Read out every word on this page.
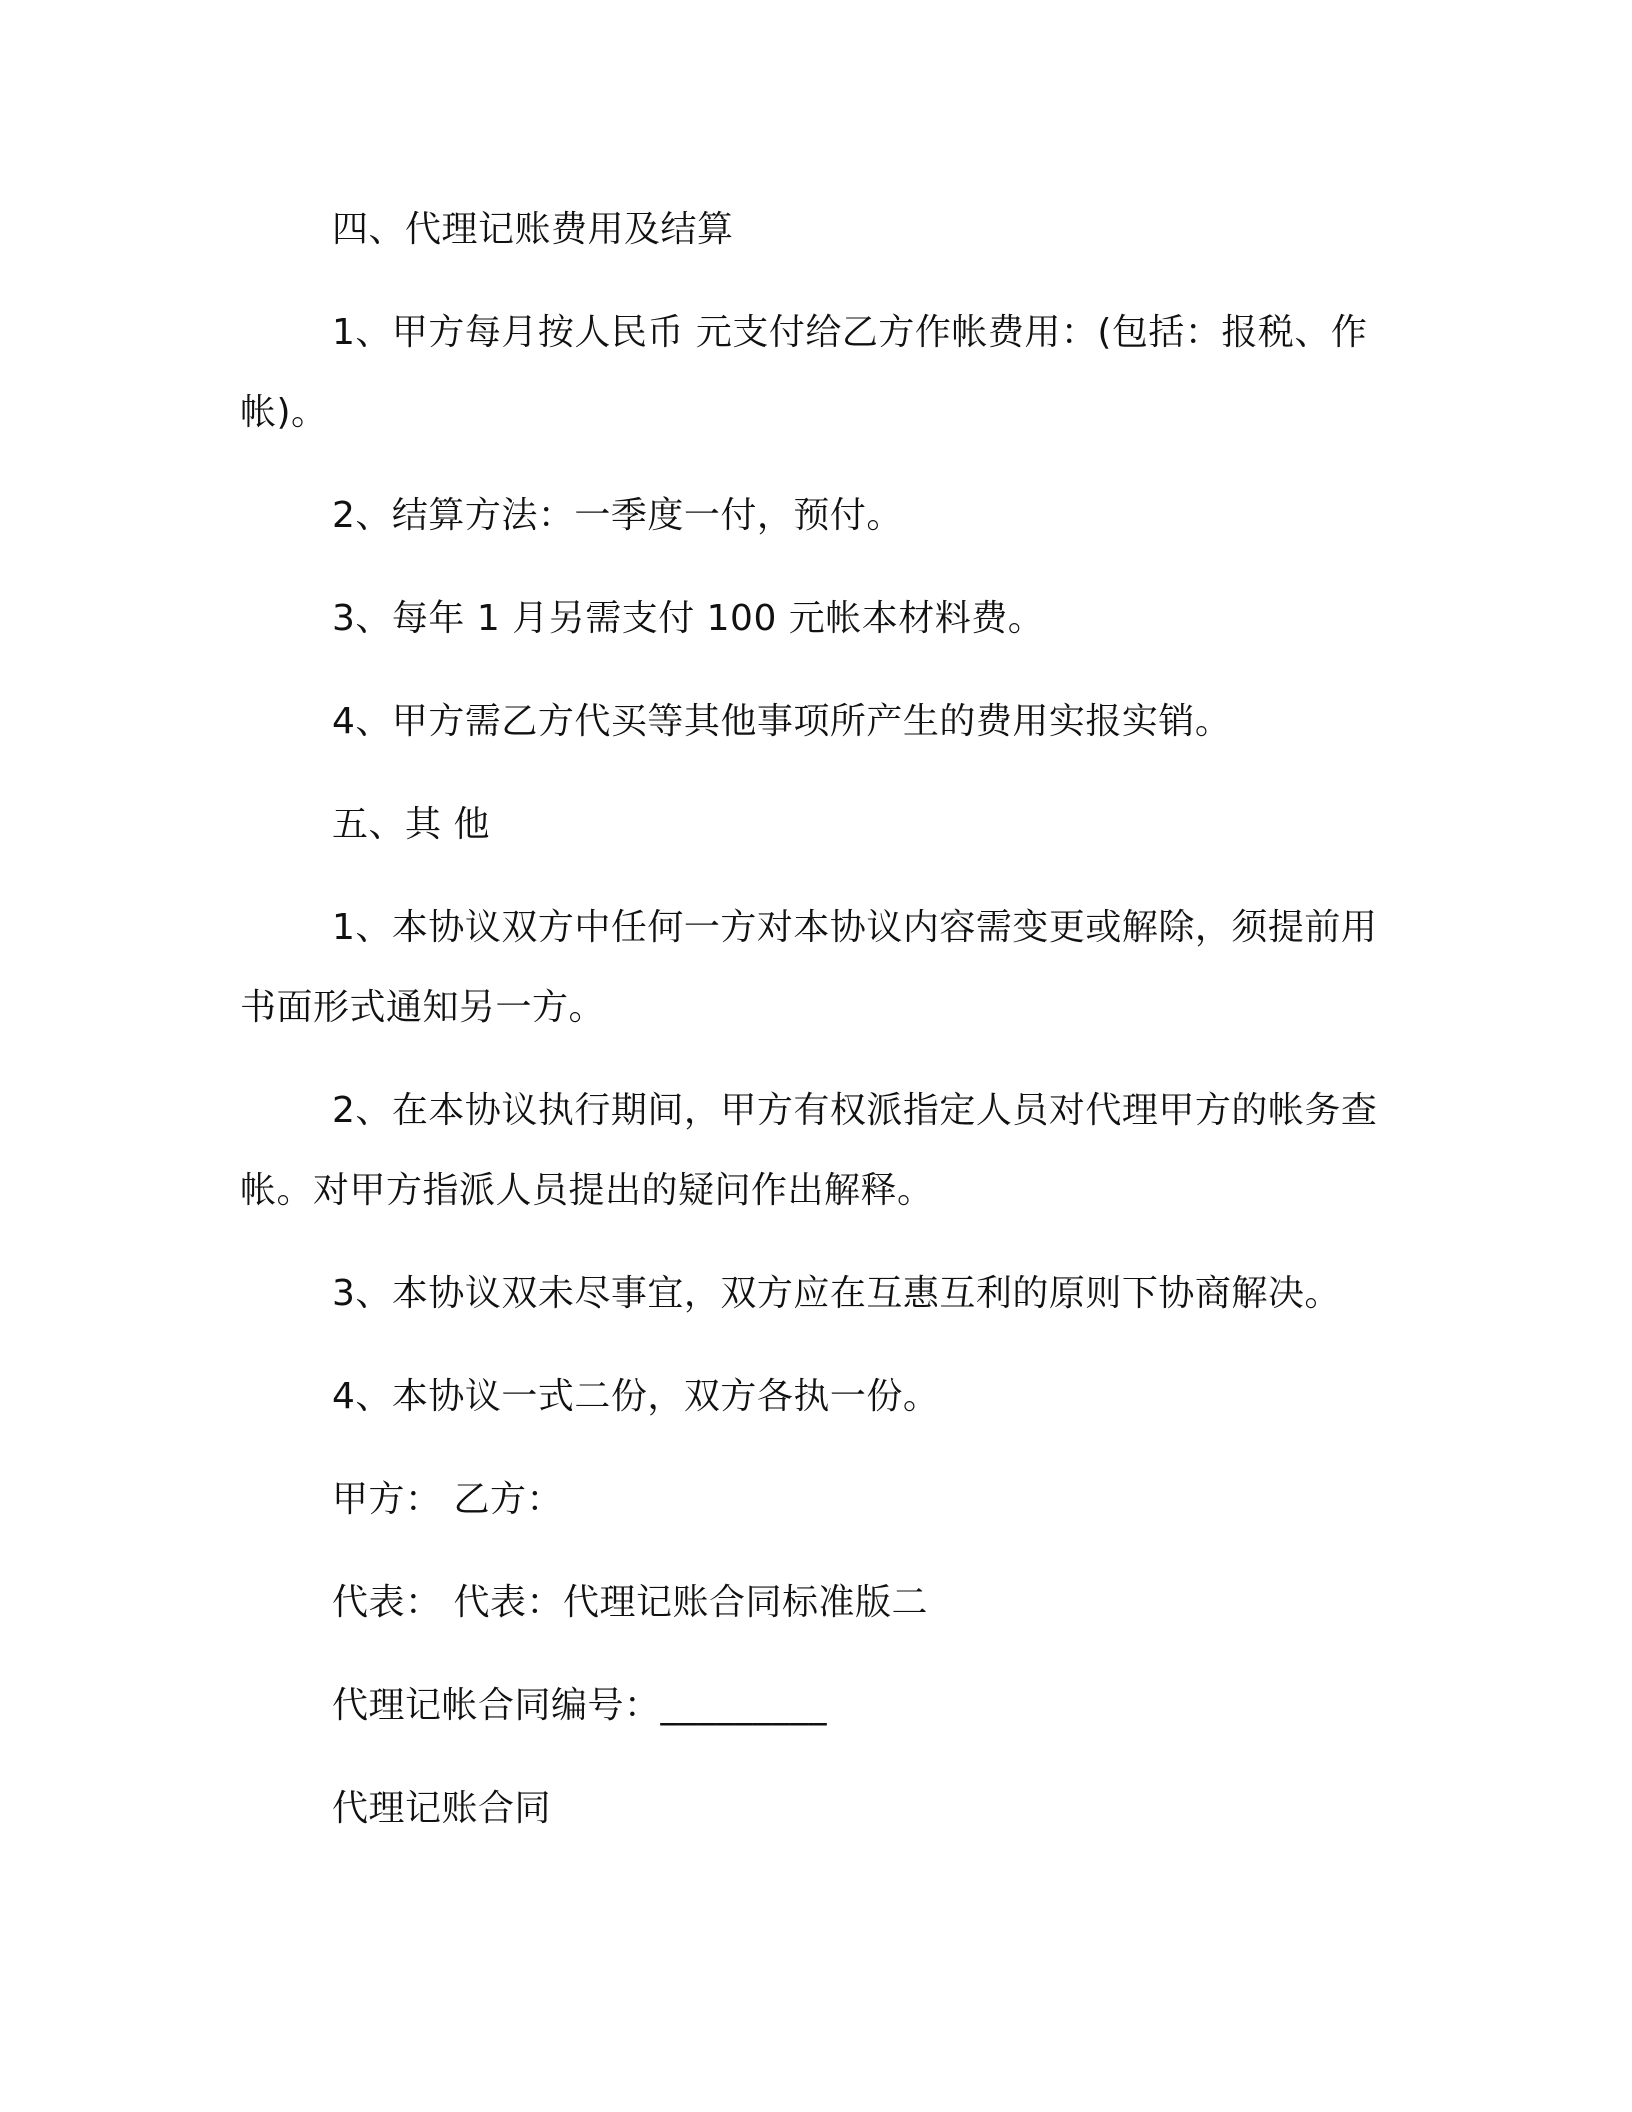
四、代理记账费用及结算

1、甲方每月按人民币 元支付给乙方作帐费用：(包括：报税、作帐)。

2、结算方法：一季度一付，预付。

3、每年 1 月另需支付 100 元帐本材料费。

4、甲方需乙方代买等其他事项所产生的费用实报实销。

五、其 他

1、本协议双方中任何一方对本协议内容需变更或解除，须提前用书面形式通知另一方。

2、在本协议执行期间，甲方有权派指定人员对代理甲方的帐务查帐。对甲方指派人员提出的疑问作出解释。

3、本协议双未尽事宜，双方应在互惠互利的原则下协商解决。

4、本协议一式二份，双方各执一份。

甲方： 乙方：

代表： 代表：代理记账合同标准版二

代理记帐合同编号：_________

代理记账合同
